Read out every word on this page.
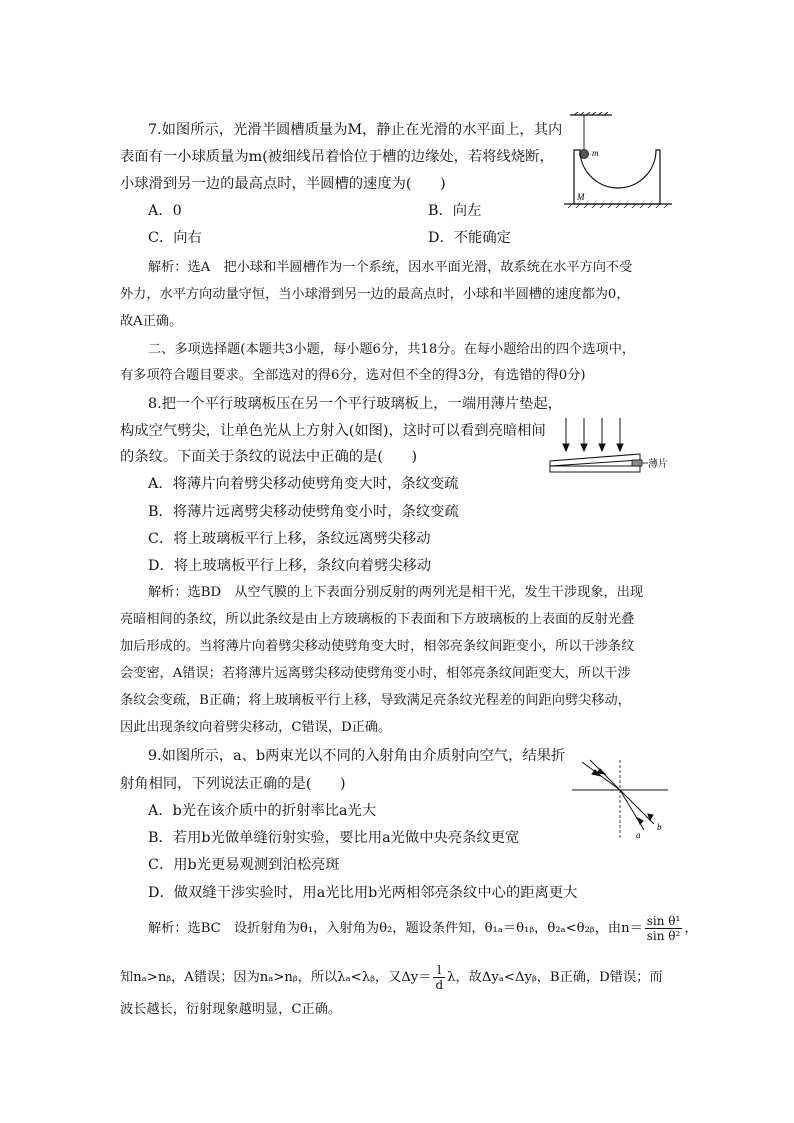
7.如图所示，光滑半圆槽质量为M，静止在光滑的水平面上，其内
表面有一小球质量为m(被细线吊着恰位于槽的边缘处，若将线烧断，
小球滑到另一边的最高点时，半圆槽的速度为(　　)
A．0	B．向左
C．向右	D．不能确定
m
M
解析：选A　把小球和半圆槽作为一个系统，因水平面光滑，故系统在水平方向不受
外力，水平方向动量守恒，当小球滑到另一边的最高点时，小球和半圆槽的速度都为0，
故A正确。
二、多项选择题(本题共3小题，每小题6分，共18分。在每小题给出的四个选项中，
有多项符合题目要求。全部选对的得6分，选对但不全的得3分，有选错的得0分)
8.把一个平行玻璃板压在另一个平行玻璃板上，一端用薄片垫起，
构成空气劈尖，让单色光从上方射入(如图)，这时可以看到亮暗相间
的条纹。下面关于条纹的说法中正确的是(　　)
A．将薄片向着劈尖移动使劈角变大时，条纹变疏
B．将薄片远离劈尖移动使劈角变小时，条纹变疏
C．将上玻璃板平行上移，条纹远离劈尖移动
D．将上玻璃板平行上移，条纹向着劈尖移动
薄片
解析：选BD　从空气膜的上下表面分别反射的两列光是相干光，发生干涉现象，出现
亮暗相间的条纹，所以此条纹是由上方玻璃板的下表面和下方玻璃板的上表面的反射光叠
加后形成的。当将薄片向着劈尖移动使劈角变大时，相邻亮条纹间距变小，所以干涉条纹
会变密，A错误；若将薄片远离劈尖移动使劈角变小时，相邻亮条纹间距变大，所以干涉
条纹会变疏，B正确；将上玻璃板平行上移，导致满足亮条纹光程差的间距向劈尖移动，
因此出现条纹向着劈尖移动，C错误，D正确。
9.如图所示，a、b两束光以不同的入射角由介质射向空气，结果折
射角相同，下列说法正确的是(　　)
A．b光在该介质中的折射率比a光大
B．若用b光做单缝衍射实验，要比用a光做中央亮条纹更宽
C．用b光更易观测到泊松亮斑
D．做双缝干涉实验时，用a光比用b光两相邻亮条纹中心的距离更大
a
b
解析：选BC　设折射角为θ₁，入射角为θ₂，题设条件知，θ₁ₐ＝θ₁ᵦ，θ₂ₐ<θ₂ᵦ，由$n= \frac{\text{sin θ¹}}{\text{sin θ²}}$ ，
知nₐ>nᵦ，A错误；因为nₐ>nᵦ，所以λₐ<λᵦ，又$\Delta y= \frac{l}{d}$ λ，故Δyₐ<Δyᵦ，B正确，D错误；而
波长越长，衍射现象越明显，C正确。
